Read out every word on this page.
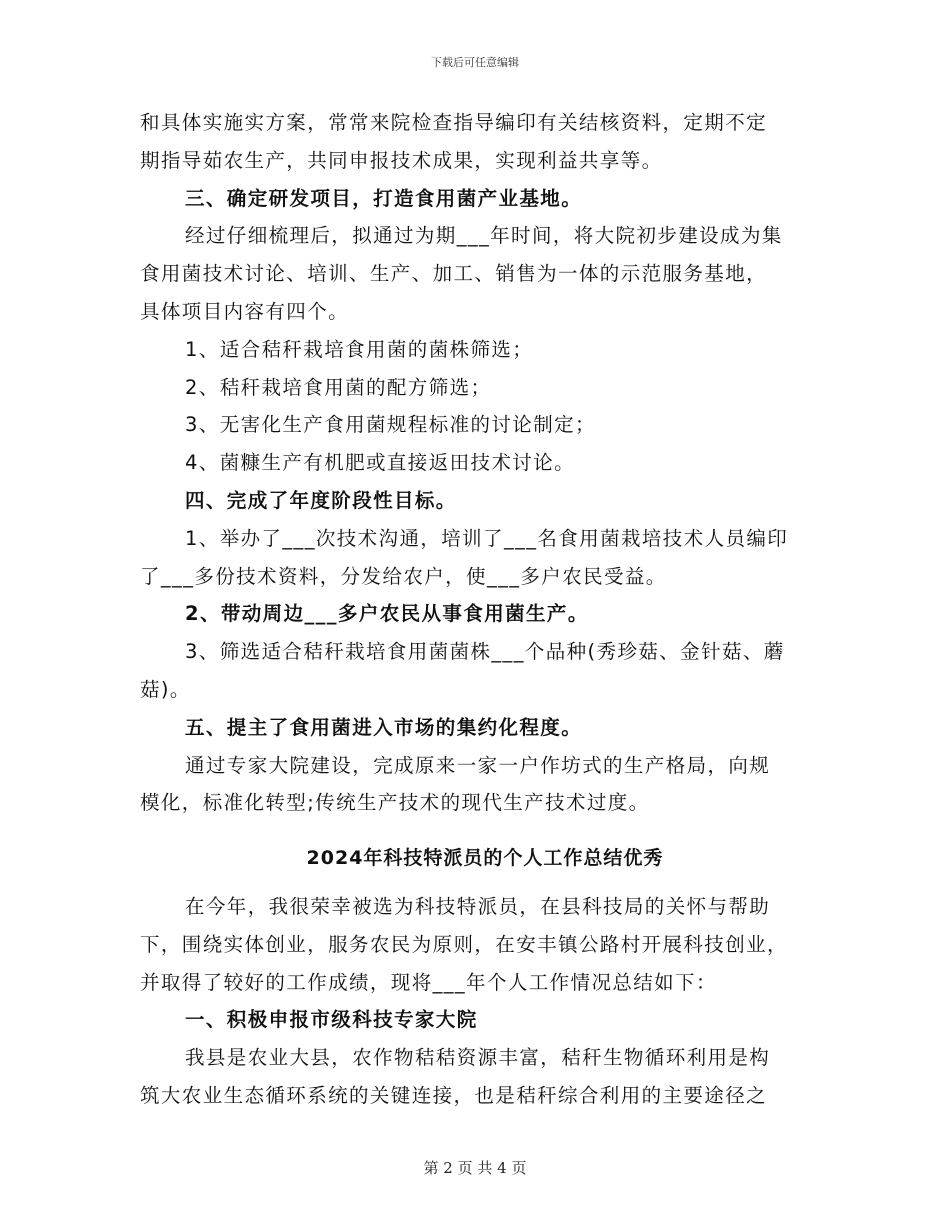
下载后可任意编辑

和具体实施实方案，常常来院检查指导编印有关结核资料，定期不定

期指导茹农生产，共同申报技术成果，实现利益共享等。

三、确定研发项目，打造食用菌产业基地。

经过仔细梳理后，拟通过为期___年时间，将大院初步建设成为集

食用菌技术讨论、培训、生产、加工、销售为一体的示范服务基地，

具体项目内容有四个。

1、适合秸秆栽培食用菌的菌株筛选；

2、秸秆栽培食用菌的配方筛选；

3、无害化生产食用菌规程标准的讨论制定；

4、菌糠生产有机肥或直接返田技术讨论。

四、完成了年度阶段性目标。

1、举办了___次技术沟通，培训了___名食用菌栽培技术人员编印

了___多份技术资料，分发给农户，使___多户农民受益。

2、带动周边___多户农民从事食用菌生产。

3、筛选适合秸秆栽培食用菌菌株___个品种(秀珍菇、金针菇、蘑

菇)。

五、提主了食用菌进入市场的集约化程度。

通过专家大院建设，完成原来一家一户作坊式的生产格局，向规

模化，标准化转型;传统生产技术的现代生产技术过度。

2024年科技特派员的个人工作总结优秀

在今年，我很荣幸被选为科技特派员，在县科技局的关怀与帮助

下，围绕实体创业，服务农民为原则，在安丰镇公路村开展科技创业，

并取得了较好的工作成绩，现将___年个人工作情况总结如下：

一、积极申报市级科技专家大院

我县是农业大县，农作物秸秸资源丰富，秸秆生物循环利用是构

筑大农业生态循环系统的关键连接，也是秸秆综合利用的主要途径之

第 2 页 共 4 页
